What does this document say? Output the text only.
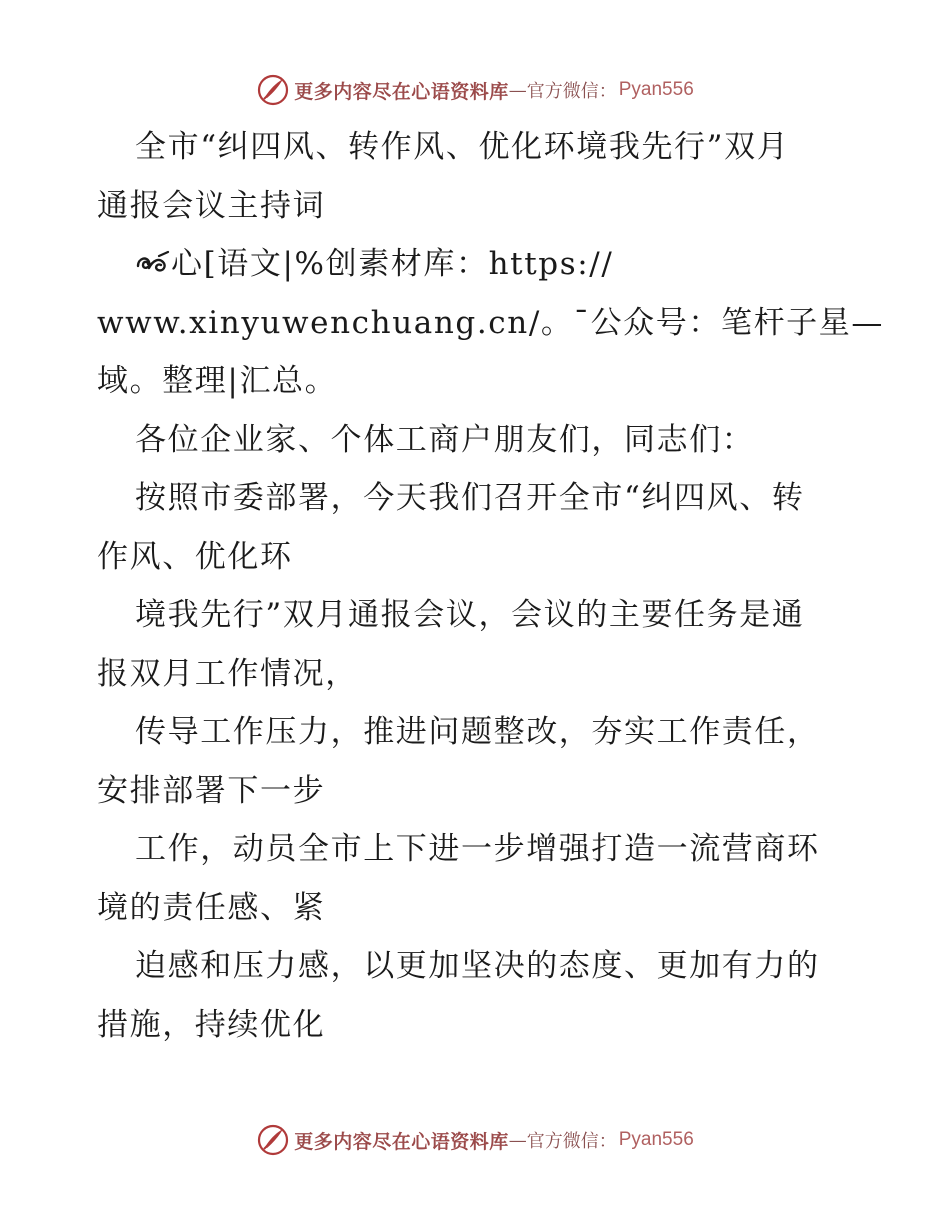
更多内容尽在心语资料库 — 官方微信： Pyan556
全市“纠四风、转作风、优化环境我先行”双月
通报会议主持词
心[语文|%创素材库：https://
www.xinyuwenchuang.cn/。¯公众号：笔杆子星—
域。整理|汇总。
各位企业家、个体工商户朋友们，同志们：
按照市委部署，今天我们召开全市“纠四风、转
作风、优化环
境我先行”双月通报会议，会议的主要任务是通
报双月工作情况，
传导工作压力，推进问题整改，夯实工作责任，
安排部署下一步
工作，动员全市上下进一步增强打造一流营商环
境的责任感、紧
迫感和压力感，以更加坚决的态度、更加有力的
措施，持续优化
更多内容尽在心语资料库 — 官方微信： Pyan556
